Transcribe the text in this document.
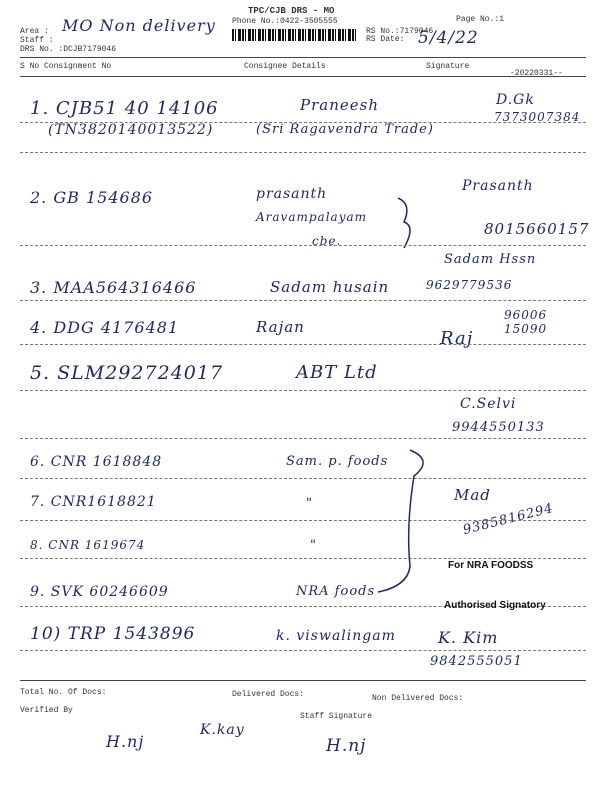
TPC/CJB DRS - MO
Phone No.:0422-3505555
Area : MO Non delivery
Staff :
DRS No. :DCJB7179046
RS No.:7179046
RS Date: 5/4/22
Page No.:1
S No Consignment No	Consignee Details	Signature
-20220331--
1. CJB51 40 14106	Praneesh	D.Gk
(TN3820140013522)	(Sri Ragavendra Trade)
7373007384
2. GB 154686	prasanth
Aravampalayam
cbe.
Prasanth
8015660157
3. MAA564316466	Sadam husain
Sadam Hssn
9629779536
4. DDG 4176481	Rajan
Raj
96006 15090
5. SLM292724017	ABT Ltd
C.Selvi
9944550133
6. CNR 1618848	Sam. p. foods
7. CNR1618821	"	Mad
9385816294
8. CNR 1619674	"
9. SVK 60246609	NRA foods
For NRA FOODSS
Authorised Signatory
10) TRP 1543896	k. viswalingam	K. Kim
9842555051
Total No. Of Docs:	Delivered Docs:	Non Delivered Docs:
Verified By
Staff Signature
H.nj
K.kay
H.nj
